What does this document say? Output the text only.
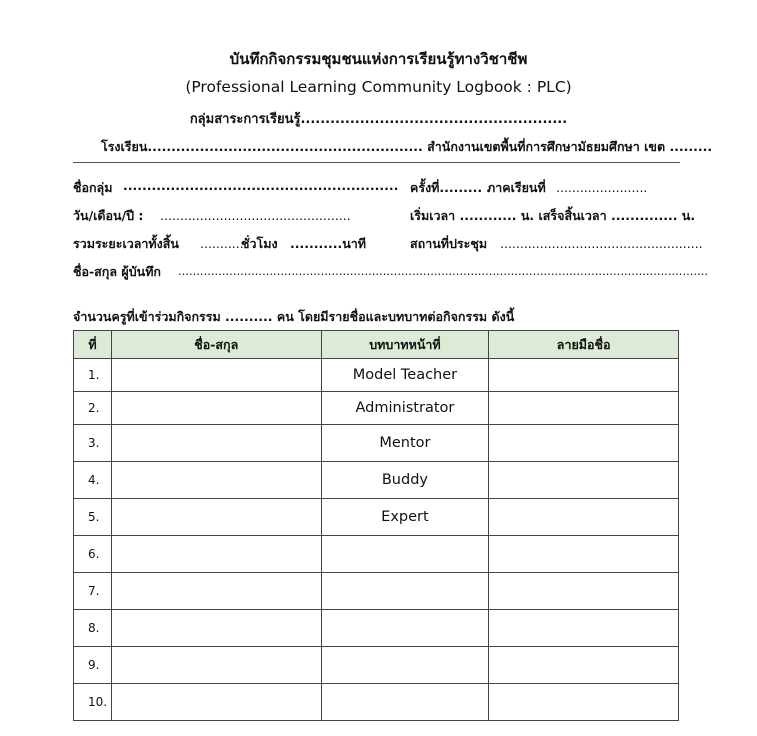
บันทึกกิจกรรมชุมชนแห่งการเรียนรู้ทางวิชาชีพ
(Professional Learning Community Logbook : PLC)
กลุ่มสาระการเรียนรู้......................................................
โรงเรียน.......................................................... สำนักงานเขตพื้นที่การศึกษามัธยมศึกษา เขต .........
ชื่อกลุ่ม .......................................................... ครั้งที่......... ภาคเรียนที่ .......................
วัน/เดือน/ปี : ................................................	เริ่มเวลา ............ น. เสร็จสิ้นเวลา .............. น.
รวมระยะเวลาทั้งสิ้น ...........
ชั่วโมง ...........นาที	สถานที่ประชุม ...................................................
ชื่อ-สกุล ผู้บันทึก .................................................................................................................................................
จำนวนครูที่เข้าร่วมกิจกรรม .......... คน โดยมีรายชื่อและบทบาทต่อกิจกรรม ดังนี้
ที่	ชื่อ-สกุล	บทบาทหน้าที่	ลายมือชื่อ
1.		Model Teacher	
2.		Administrator	
3.		Mentor	
4.		Buddy	
5.		Expert	
6.			
7.			
8.			
9.			
10.			
